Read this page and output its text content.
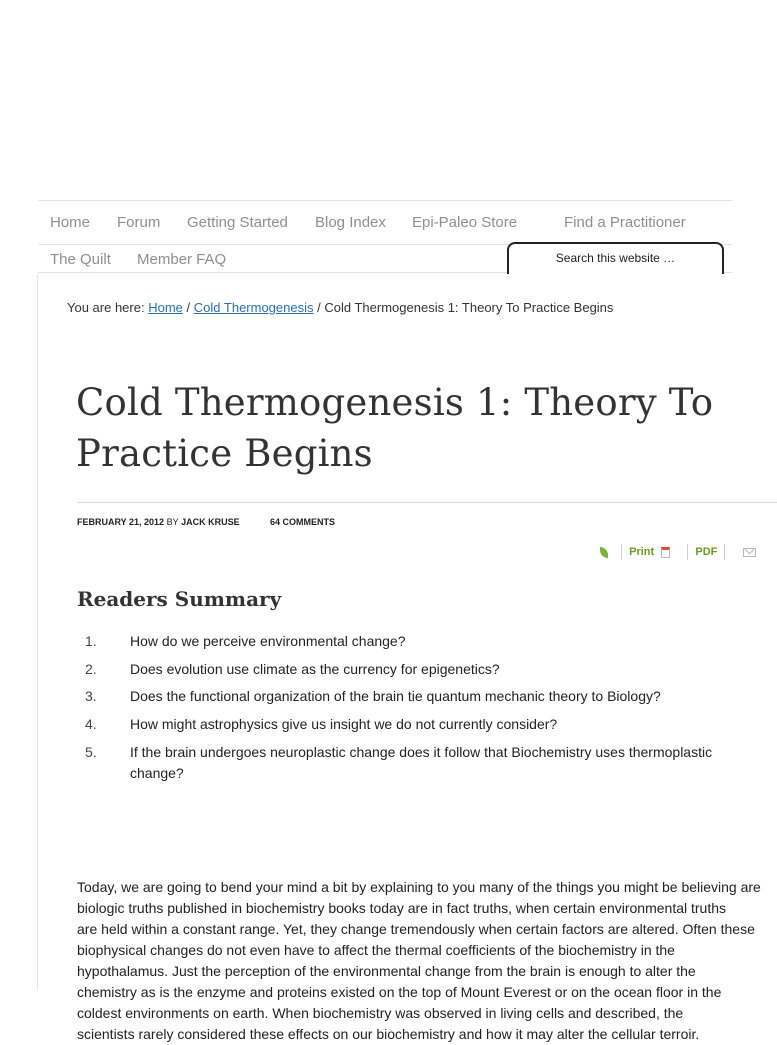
Home Forum Getting Started Blog Index Epi-Paleo Store	Find a Practitioner
The Quilt Member FAQ
Search this website …
You are here: Home / Cold Thermogenesis / Cold Thermogenesis 1: Theory To Practice Begins
Cold Thermogenesis 1: Theory To
Practice Begins
FEBRUARY 21, 2012 BY JACK KRUSE	64 COMMENTS
Print	PDF
Readers Summary
1. How do we perceive environmental change?
2. Does evolution use climate as the currency for epigenetics?
3. Does the functional organization of the brain tie quantum mechanic theory to Biology?
4. How might astrophysics give us insight we do not currently consider?
5. If the brain undergoes neuroplastic change does it follow that Biochemistry uses thermoplastic
change?
Today, we are going to bend your mind a bit by explaining to you many of the things you might be believing are
biologic truths published in biochemistry books today are in fact truths, when certain environmental truths
are held within a constant range. Yet, they change tremendously when certain factors are altered. Often these
biophysical changes do not even have to affect the thermal coefficients of the biochemistry in the
hypothalamus. Just the perception of the environmental change from the brain is enough to alter the
chemistry as is the enzyme and proteins existed on the top of Mount Everest or on the ocean floor in the
coldest environments on earth. When biochemistry was observed in living cells and described, the
scientists rarely considered these effects on our biochemistry and how it may alter the cellular terroir.
